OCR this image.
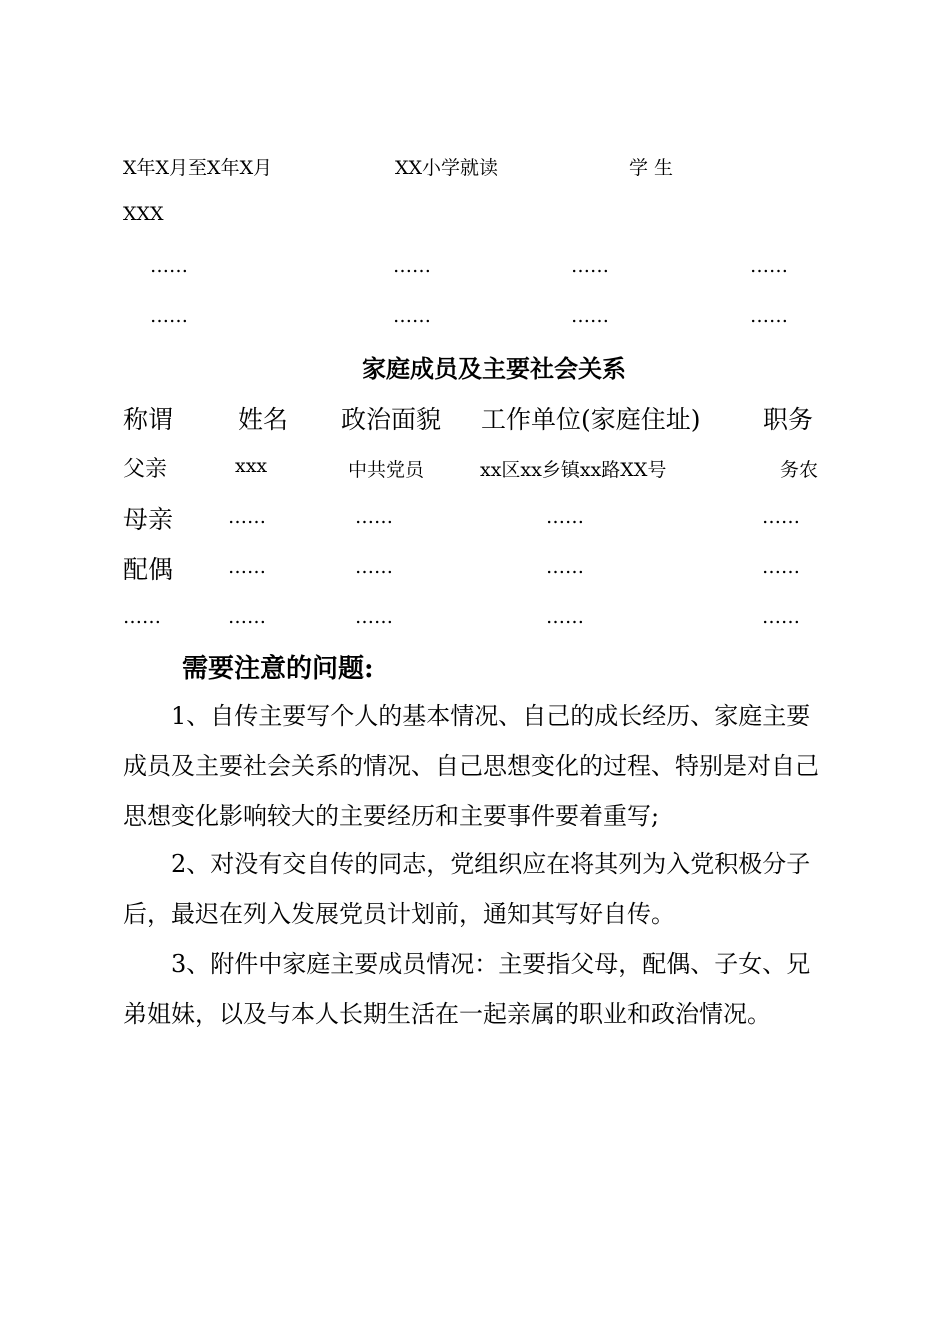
X年X月至X年X月	XX小学就读	学 生
XXX
……	……	……	……
……	……	……	……
家庭成员及主要社会关系
称谓	姓名 政治面貌 工作单位(家庭住址) 职务
父亲	xxx	中共党员	xx区xx乡镇xx路XX号	务农
母亲	……	……	……	……
配偶	……	……	……	……
……	……	……	……	……
需要注意的问题:
1、自传主要写个人的基本情况、自己的成长经历、家庭主要成员及主要社会关系的情况、自己思想变化的过程、特别是对自己思想变化影响较大的主要经历和主要事件要着重写;
2、对没有交自传的同志，党组织应在将其列为入党积极分子后，最迟在列入发展党员计划前，通知其写好自传。
3、附件中家庭主要成员情况：主要指父母，配偶、子女、兄弟姐妹，以及与本人长期生活在一起亲属的职业和政治情况。
